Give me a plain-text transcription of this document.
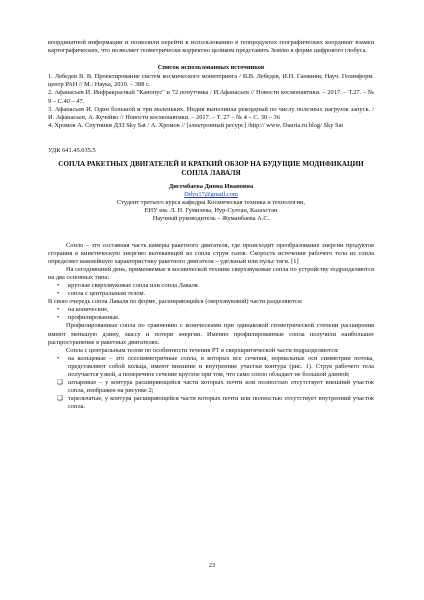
координатной информации и позволили перейти к использованию в геопродуктах географических координат взамен картографических, что позволяет геометрически корректно целиком представить Землю в форме цифрового глобуса.

Список использованных источников

1. Лебедев В. В. Проектирование систем космического мониторинга / В.В. Лебедев, И.Н. Ганживи; Науч. Геоинформ. центр РАН // М.: Наука, 2010. – 388 с.

2. Афанасьев И. Инфракрасный "Канопус" и 72 попутчика / И.Афанасьев // Новости космонавтики. – 2017. – Т.27. – № 9 – С.40 – 47.

3. Афанасьев И. Один большой и три маленьких. Индия выполнила рекордный по числу полезных нагрузок запуск. / И. Афанасьев, А. Кучейко // Новости космонавтики. – 2017. – Т. 27 – № 4 – С. 30 – 36

4. Хромов А. Спутники ДЗЗ Sky Sat / А. Хромов // [электронный ресурс] /http:// www. Dauria.ru blog/ Sky Sat

УДК 641.45.035.5

СОПЛА РАКЕТНЫХ ДВИГАТЕЛЕЙ И КРАТКИЙ ОБЗОР НА БУДУЩИЕ МОДИФИКАЦИИ СОПЛА ЛАВАЛЯ

Дисембаева Дияна Ивановна

Ddyu17@gmail.com

Студент третьего курса кафедры Космическая техника и технологии,

ЕНУ им. Л. Н. Гумилева, Нур-Султан, Казахстан

Научный руководитель – Жуманбаева А.С.

Сопло – это составная часть камеры ракетного двигателя, где происходит преобразование энергии продуктов сгорания в кинетическую энергию вытекающей из сопла струи газов. Скорость истечения рабочего тела из сопла определяет важнейшую характеристику ракетного двигателя – удельный или пульс тяги. [1]

На сегодняшний день, применяемые в космической технике сверхзвуковые сопла по устройству подразделяются на два основных типа:

• круглые сверхзвуковые сопла или сопла Лаваля.
• сопла с центральным телом.

В свою очередь сопла Лаваля по форме, расширяющейся (сверхзвуковой) части разделяются:

• на конические,
• профилированные.

Профилированные сопла по сравнению с коническими при одинаковой геометрической степени расширения имеют меньшую длину, массу и потери энергии. Именно профилированные сопла получили наибольшее распространение в ракетных двигателях.

Сопла с центральным телом по особенности течения РТ в сверхкритической части подразделяются:

• на кольцевые – это осесимметричные сопла, в которых все сечения, нормальные оси симметрии потока, представляют собой кольца, имеют внешние и внутренние участки контура (рис. 1). Струя рабочего тела получается узкой, а поперечное сечение круглое при том, что само сопло обладает не большой длиной;
❑ штыревые – у контура расширяющейся части которых почти или полностью отсутствует внешний участок сопла, изображен на рисунке 2;
❑ тарельчатые, у контура расширяющейся части которых почти или полностью отсутствует внутренний участок сопла.
23
